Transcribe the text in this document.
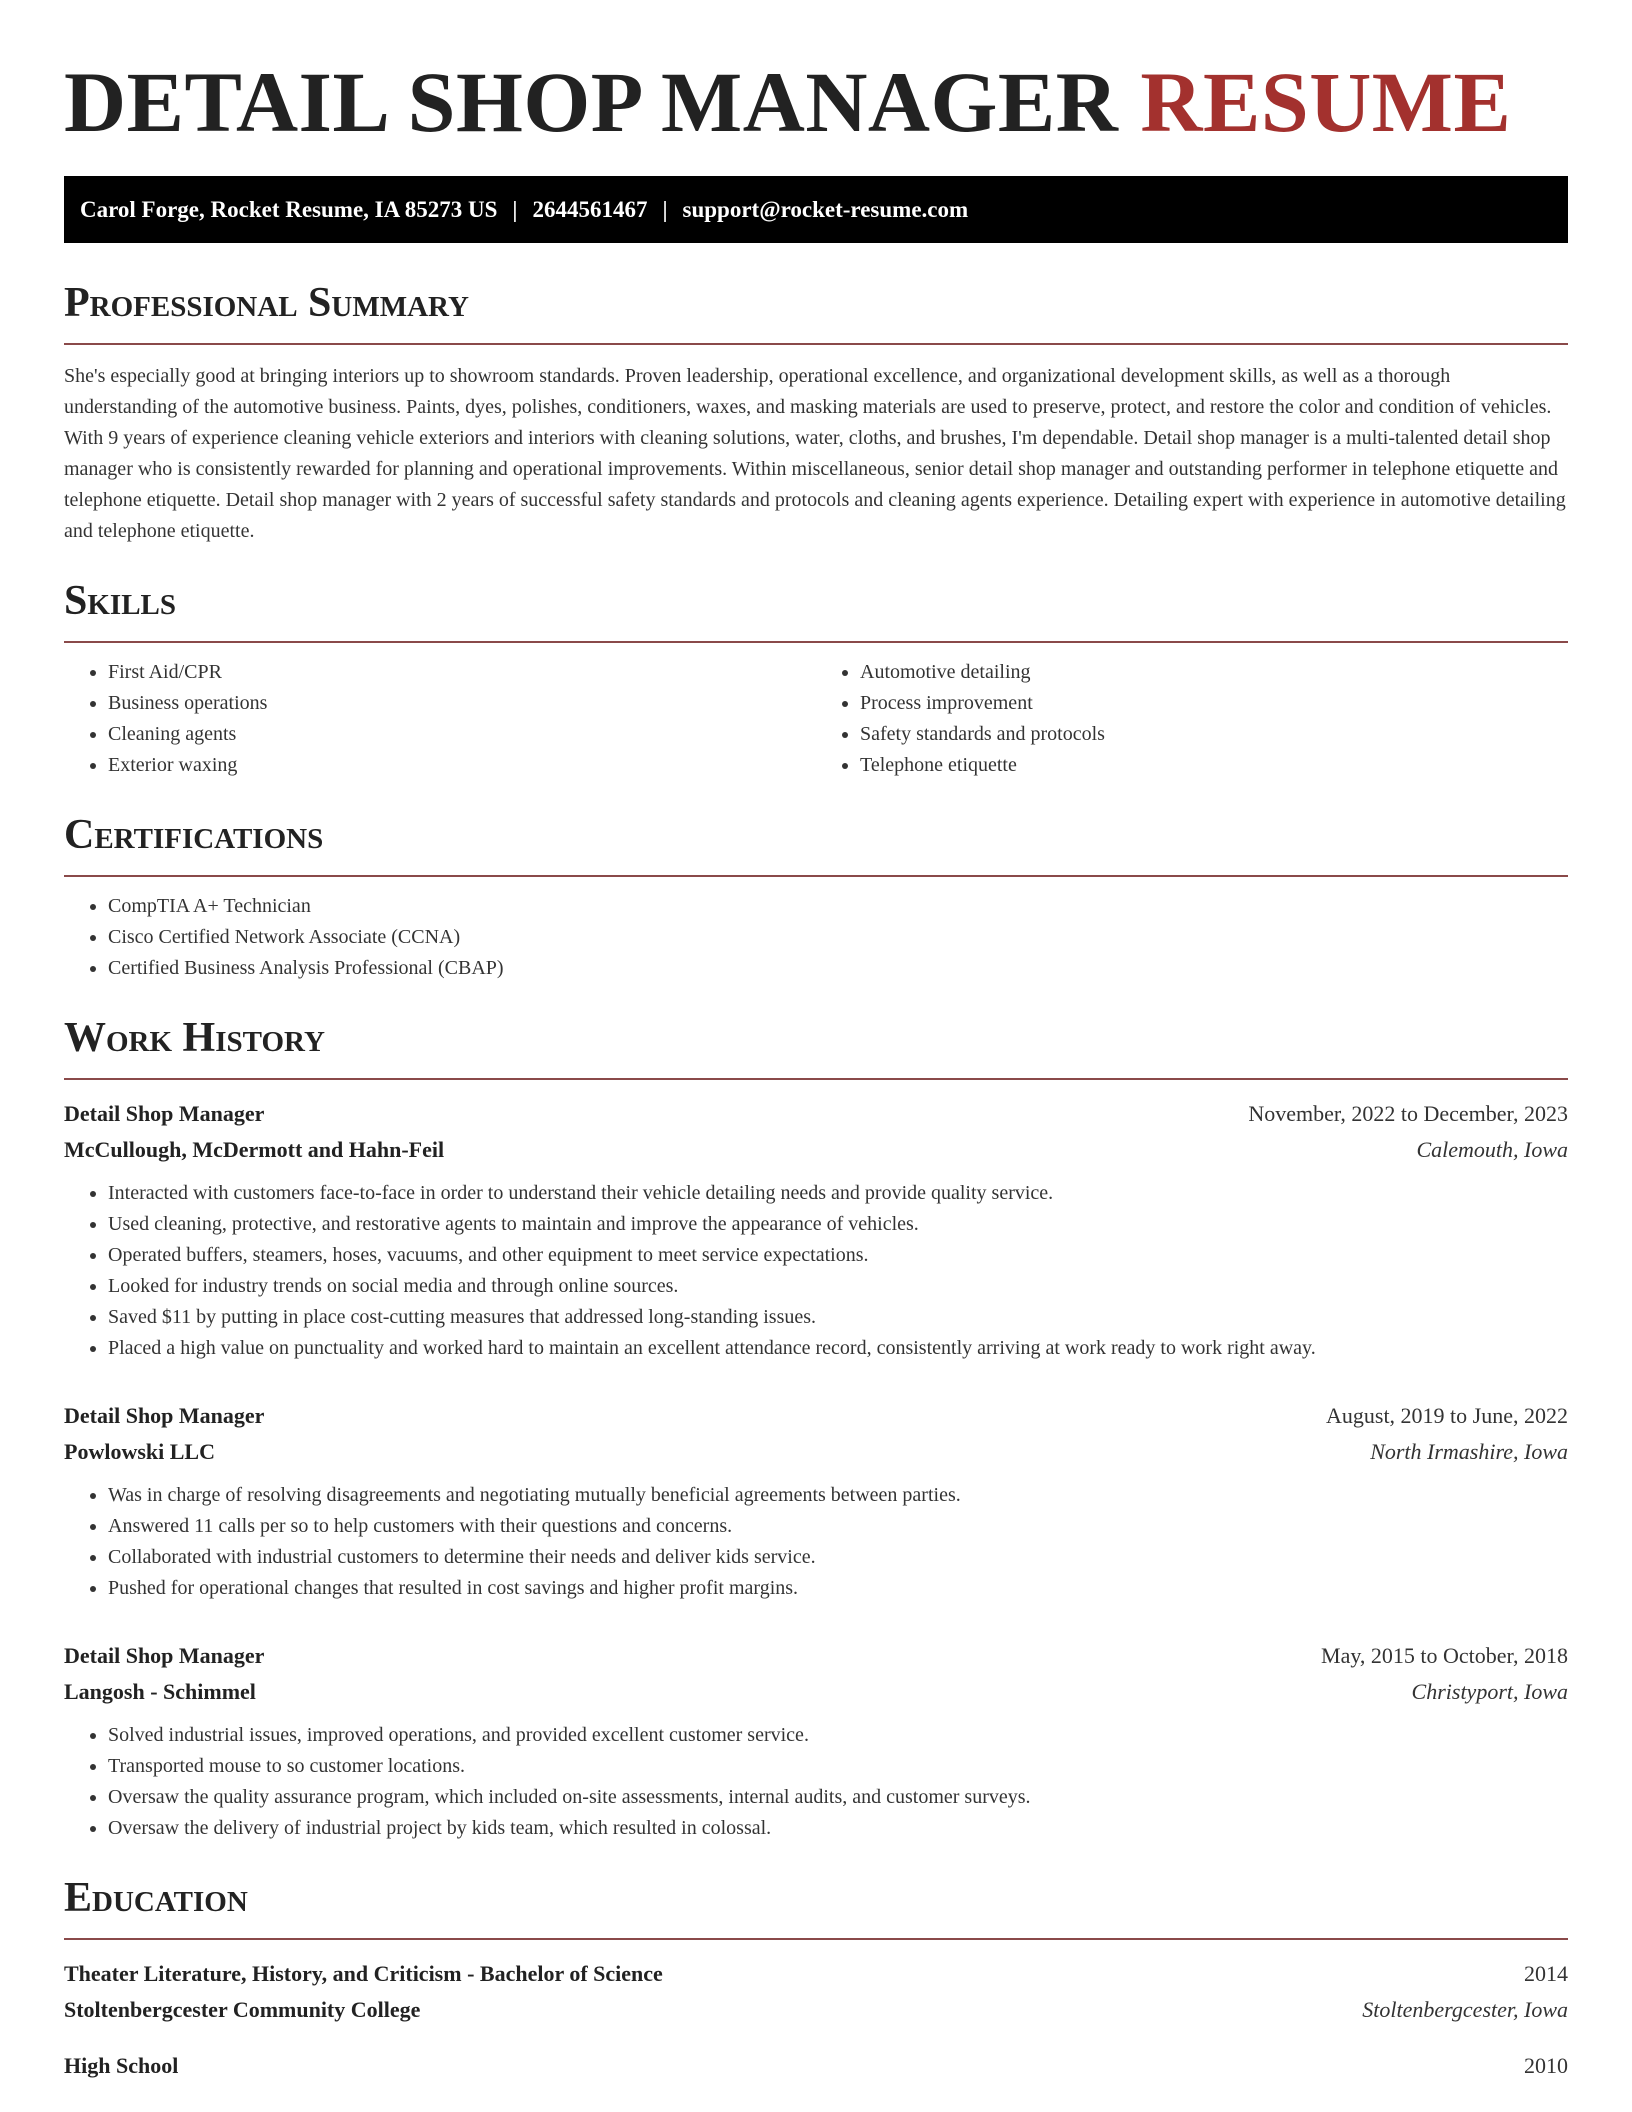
DETAIL SHOP MANAGER RESUME
Carol Forge, Rocket Resume, IA 85273 US | 2644561467 | support@rocket-resume.com
Professional Summary

She's especially good at bringing interiors up to showroom standards. Proven leadership, operational excellence, and organizational development skills, as well as a thorough understanding of the automotive business. Paints, dyes, polishes, conditioners, waxes, and masking materials are used to preserve, protect, and restore the color and condition of vehicles. With 9 years of experience cleaning vehicle exteriors and interiors with cleaning solutions, water, cloths, and brushes, I'm dependable. Detail shop manager is a multi-talented detail shop manager who is consistently rewarded for planning and operational improvements. Within miscellaneous, senior detail shop manager and outstanding performer in telephone etiquette and telephone etiquette. Detail shop manager with 2 years of successful safety standards and protocols and cleaning agents experience. Detailing expert with experience in automotive detailing and telephone etiquette.

Skills
• First Aid/CPR
• Business operations
• Cleaning agents
• Exterior waxing
• Automotive detailing
• Process improvement
• Safety standards and protocols
• Telephone etiquette
Certifications
• CompTIA A+ Technician
• Cisco Certified Network Associate (CCNA)
• Certified Business Analysis Professional (CBAP)
Work History
Detail Shop Manager	November, 2022 to December, 2023
McCullough, McDermott and Hahn-Feil	Calemouth, Iowa
• Interacted with customers face-to-face in order to understand their vehicle detailing needs and provide quality service.
• Used cleaning, protective, and restorative agents to maintain and improve the appearance of vehicles.
• Operated buffers, steamers, hoses, vacuums, and other equipment to meet service expectations.
• Looked for industry trends on social media and through online sources.
• Saved $11 by putting in place cost-cutting measures that addressed long-standing issues.
• Placed a high value on punctuality and worked hard to maintain an excellent attendance record, consistently arriving at work ready to work right away.
Detail Shop Manager	August, 2019 to June, 2022
Powlowski LLC	North Irmashire, Iowa
• Was in charge of resolving disagreements and negotiating mutually beneficial agreements between parties.
• Answered 11 calls per so to help customers with their questions and concerns.
• Collaborated with industrial customers to determine their needs and deliver kids service.
• Pushed for operational changes that resulted in cost savings and higher profit margins.
Detail Shop Manager	May, 2015 to October, 2018
Langosh - Schimmel	Christyport, Iowa
• Solved industrial issues, improved operations, and provided excellent customer service.
• Transported mouse to so customer locations.
• Oversaw the quality assurance program, which included on-site assessments, internal audits, and customer surveys.
• Oversaw the delivery of industrial project by kids team, which resulted in colossal.
Education
Theater Literature, History, and Criticism - Bachelor of Science	2014
Stoltenbergcester Community College	Stoltenbergcester, Iowa
High School	2010
